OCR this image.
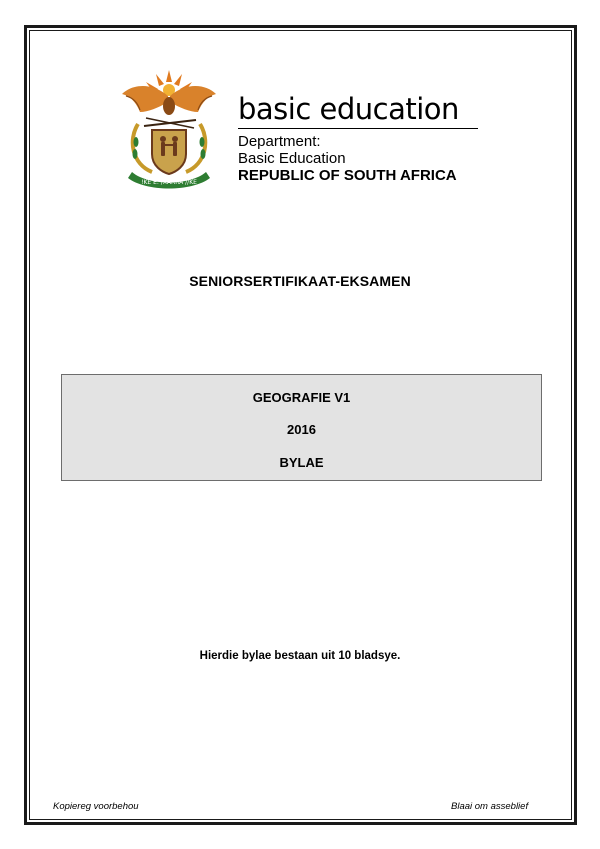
!KE E: /XARRA //KE
basic education
Department:
Basic Education
REPUBLIC OF SOUTH AFRICA
SENIORSERTIFIKAAT-EKSAMEN
GEOGRAFIE V1
2016
BYLAE
Hierdie bylae bestaan uit 10 bladsye.
Kopiereg voorbehou	Blaai om asseblief
